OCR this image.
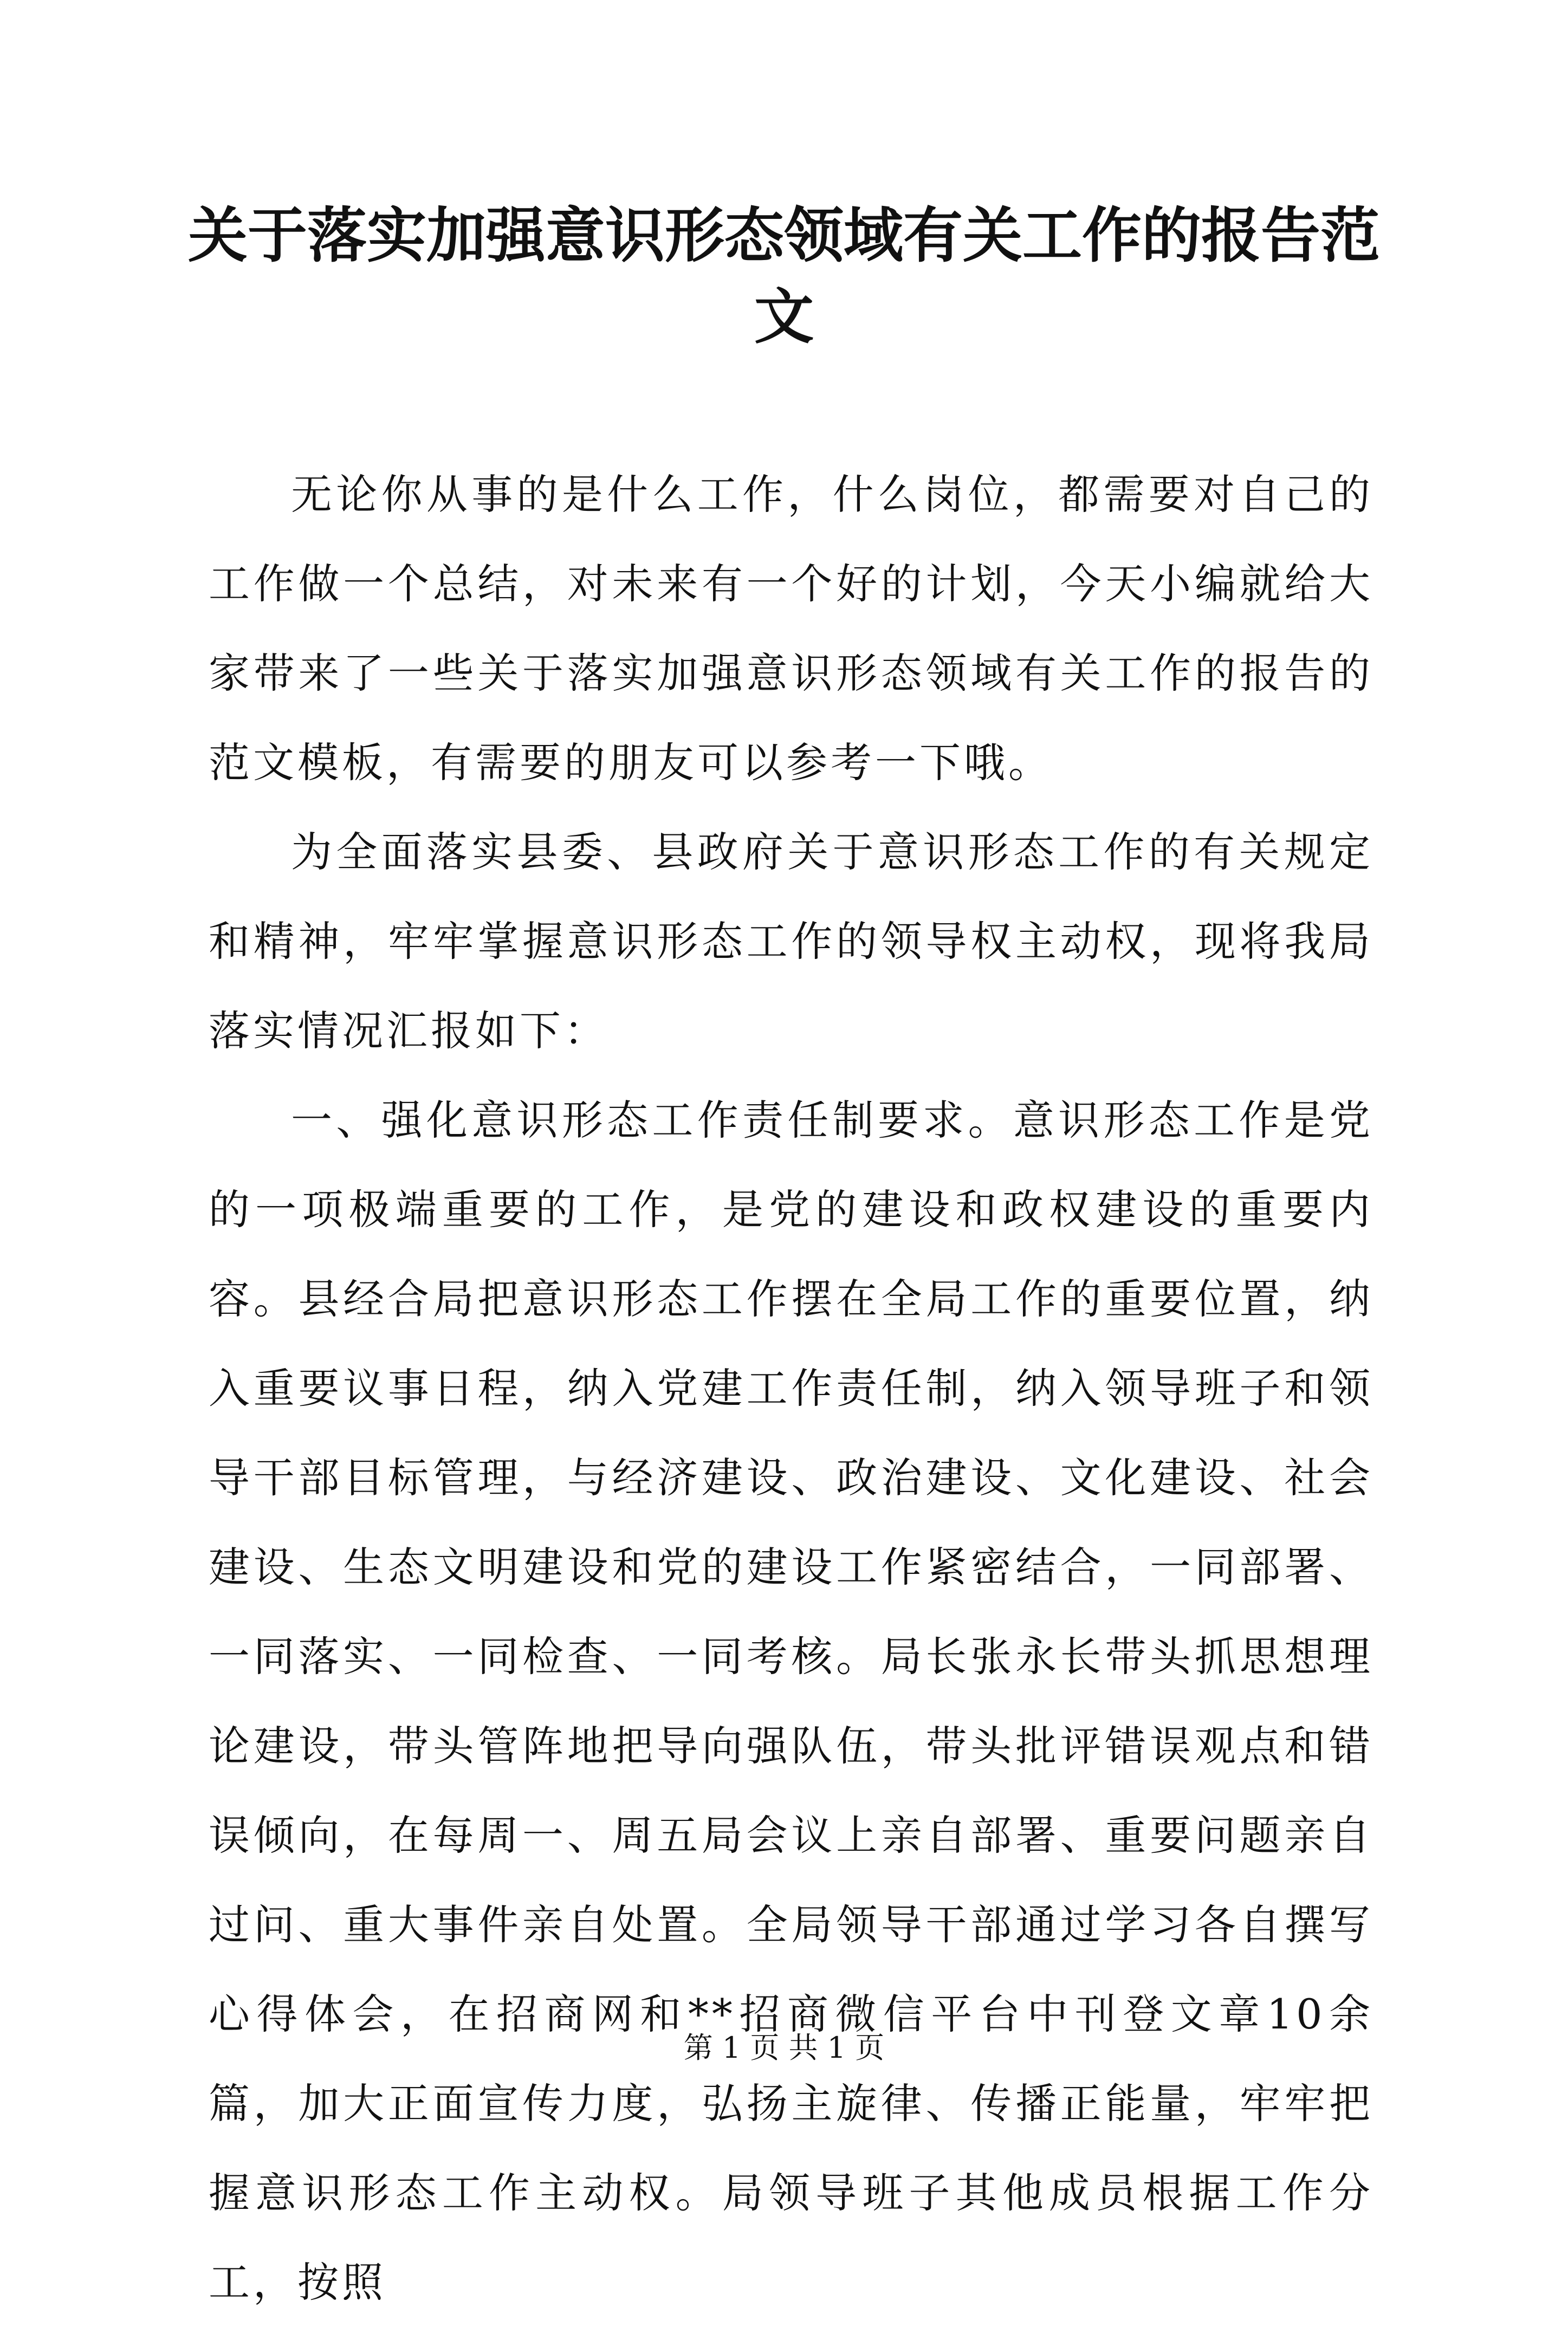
关于落实加强意识形态领域有关工作的报告范文

无论你从事的是什么工作，什么岗位，都需要对自己的工作做一个总结，对未来有一个好的计划，今天小编就给大家带来了一些关于落实加强意识形态领域有关工作的报告的范文模板，有需要的朋友可以参考一下哦。

为全面落实县委、县政府关于意识形态工作的有关规定和精神，牢牢掌握意识形态工作的领导权主动权，现将我局落实情况汇报如下：

一、强化意识形态工作责任制要求。意识形态工作是党的一项极端重要的工作，是党的建设和政权建设的重要内容。县经合局把意识形态工作摆在全局工作的重要位置，纳入重要议事日程，纳入党建工作责任制，纳入领导班子和领导干部目标管理，与经济建设、政治建设、文化建设、社会建设、生态文明建设和党的建设工作紧密结合，一同部署、一同落实、一同检查、一同考核。局长张永长带头抓思想理论建设，带头管阵地把导向强队伍，带头批评错误观点和错误倾向，在每周一、周五局会议上亲自部署、重要问题亲自过问、重大事件亲自处置。全局领导干部通过学习各自撰写心得体会，在招商网和**招商微信平台中刊登文章10余篇，加大正面宣传力度，弘扬主旋律、传播正能量，牢牢把握意识形态工作主动权。局领导班子其他成员根据工作分工，按照

第 1 页 共 1 页
